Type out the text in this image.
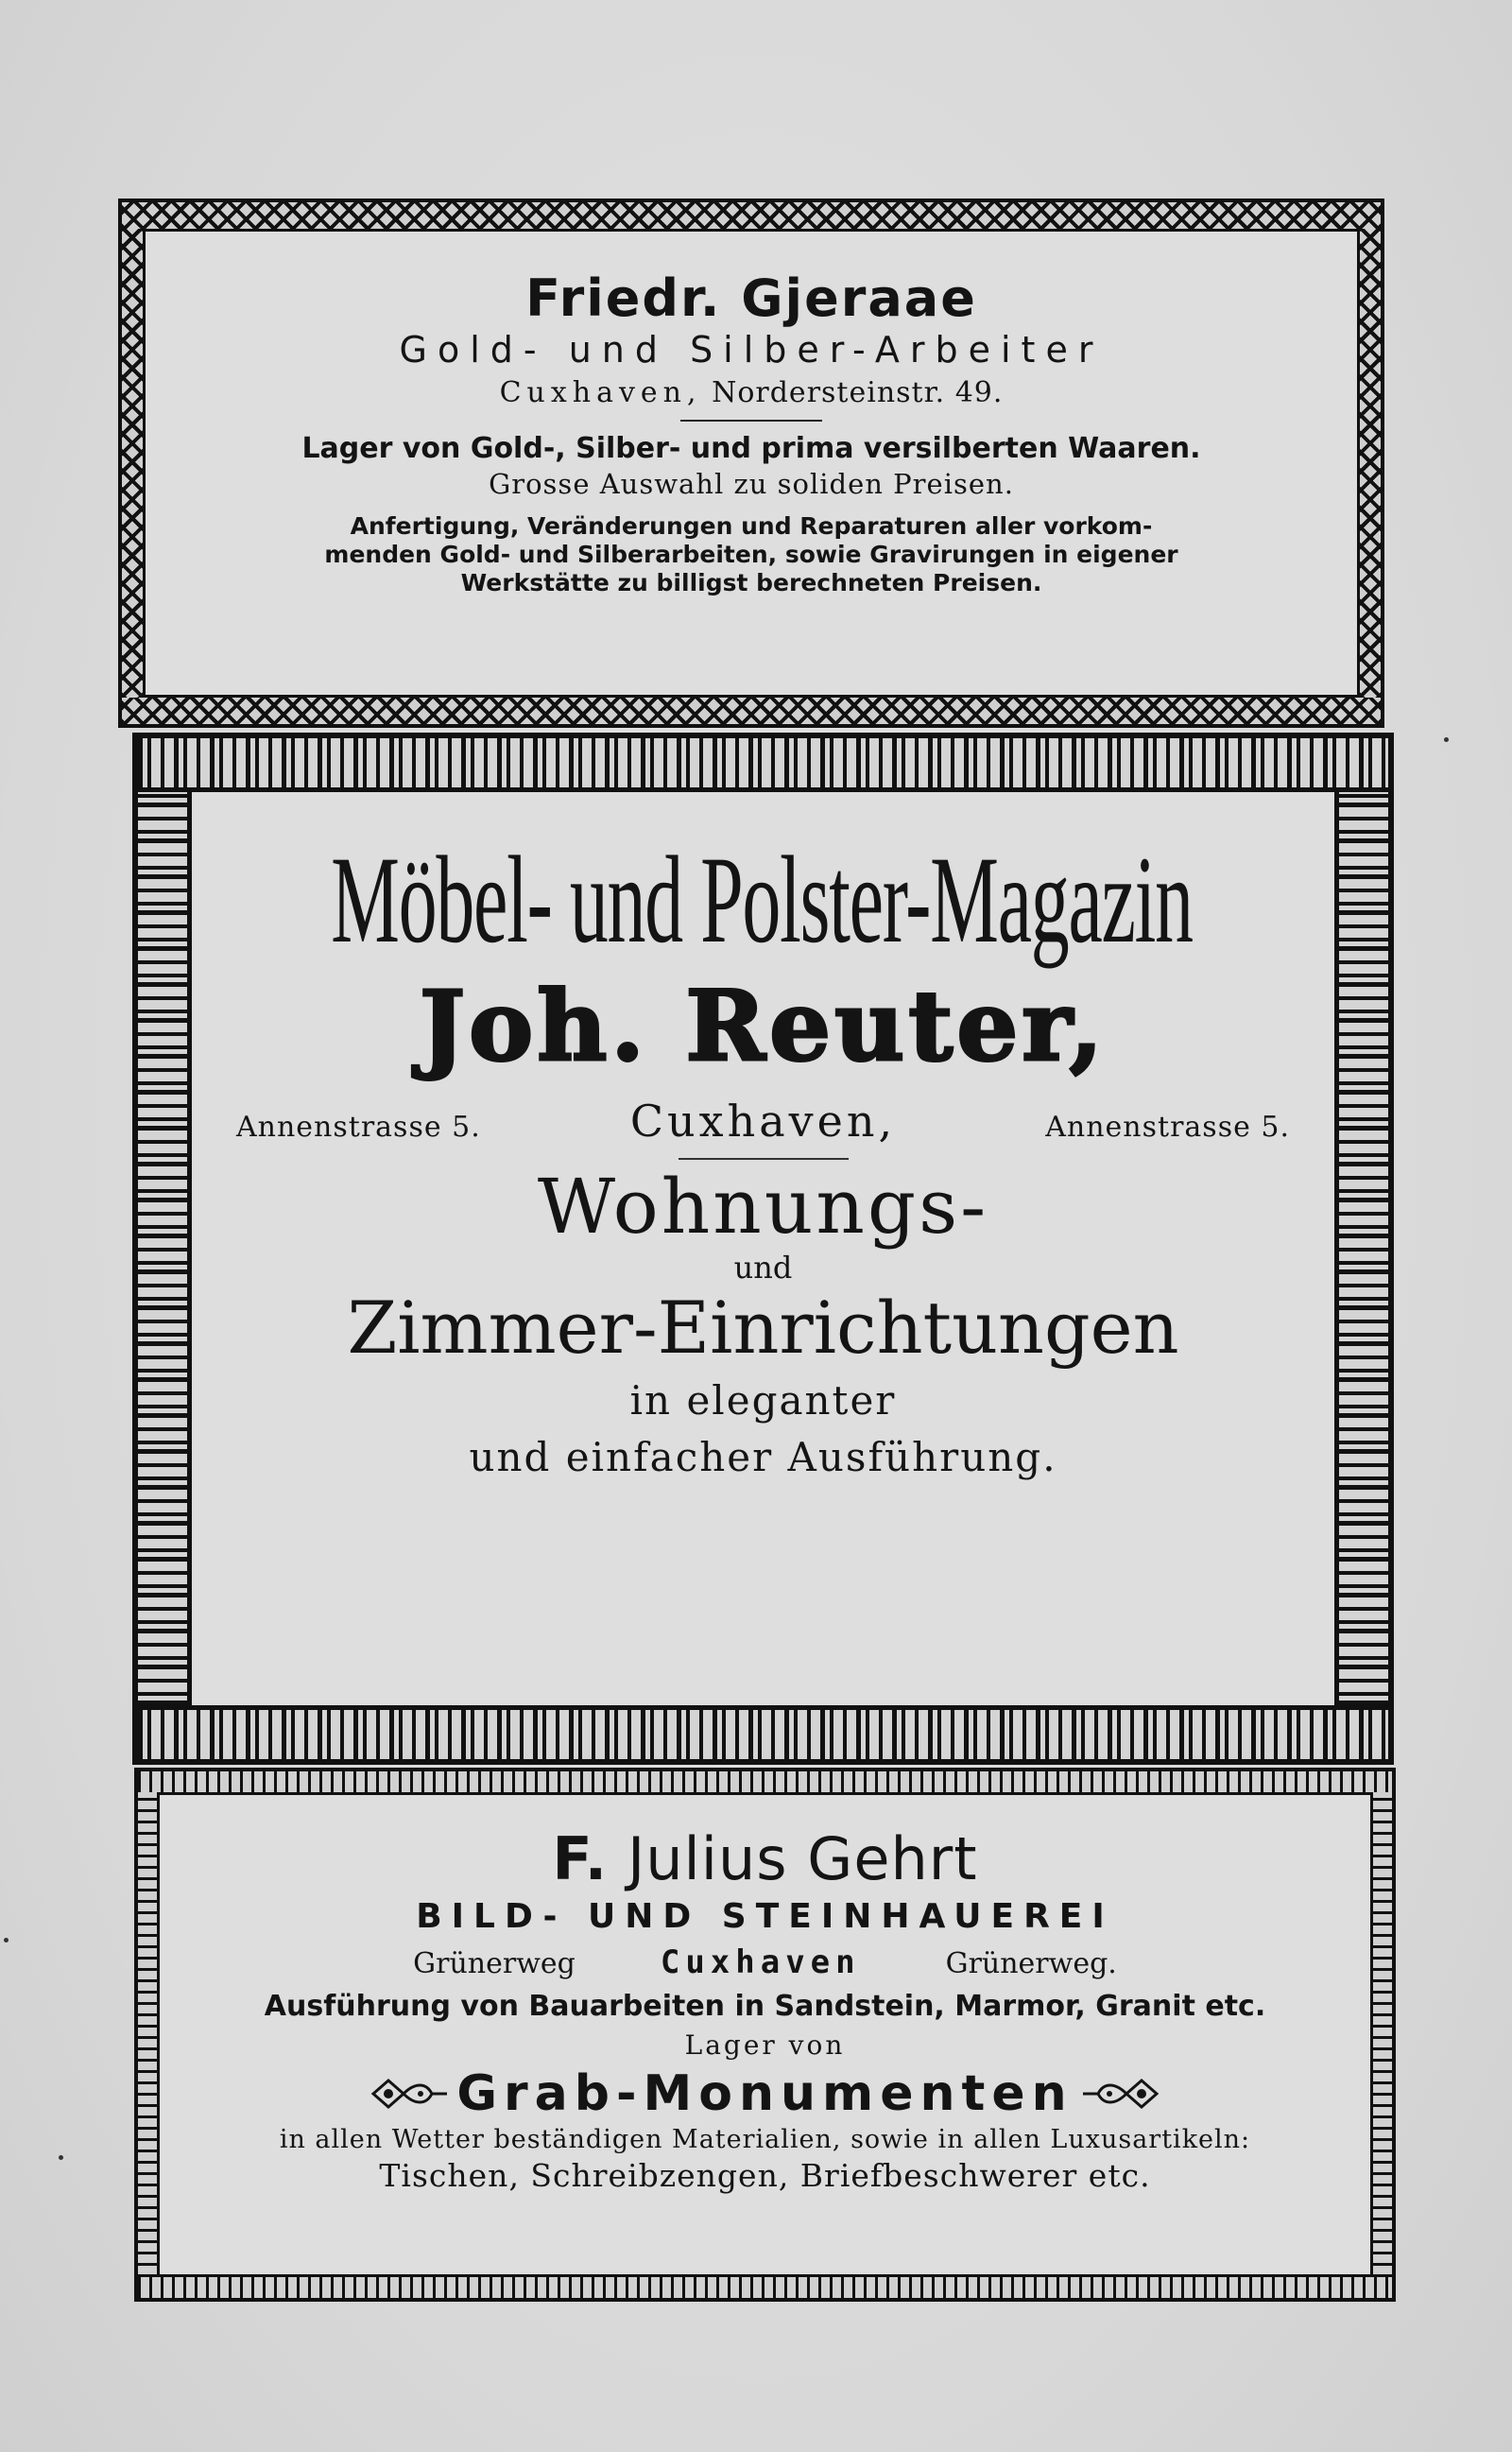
Friedr. Gjeraae
Gold- und Silber-Arbeiter
Cuxhaven, Nordersteinstr. 49.
Lager von Gold-, Silber- und prima versilberten Waaren.
Grosse Auswahl zu soliden Preisen.
Anfertigung, Veränderungen und Reparaturen aller vorkom-
menden Gold- und Silberarbeiten, sowie Gravirungen in eigener
Werkstätte zu billigst berechneten Preisen.
Möbel- und Polster-Magazin
Joh. Reuter,
Annenstrasse 5.	Cuxhaven,	Annenstrasse 5.
Wohnungs-
und
Zimmer-Einrichtungen
in eleganter
und einfacher Ausführung.
F. Julius Gehrt
BILD- UND STEINHAUEREI
Grünerweg	Cuxhaven	Grünerweg.
Ausführung von Bauarbeiten in Sandstein, Marmor, Granit etc.
Lager von
Grab-Monumenten
in allen Wetter beständigen Materialien, sowie in allen Luxusartikeln:
Tischen, Schreibzengen, Briefbeschwerer etc.
